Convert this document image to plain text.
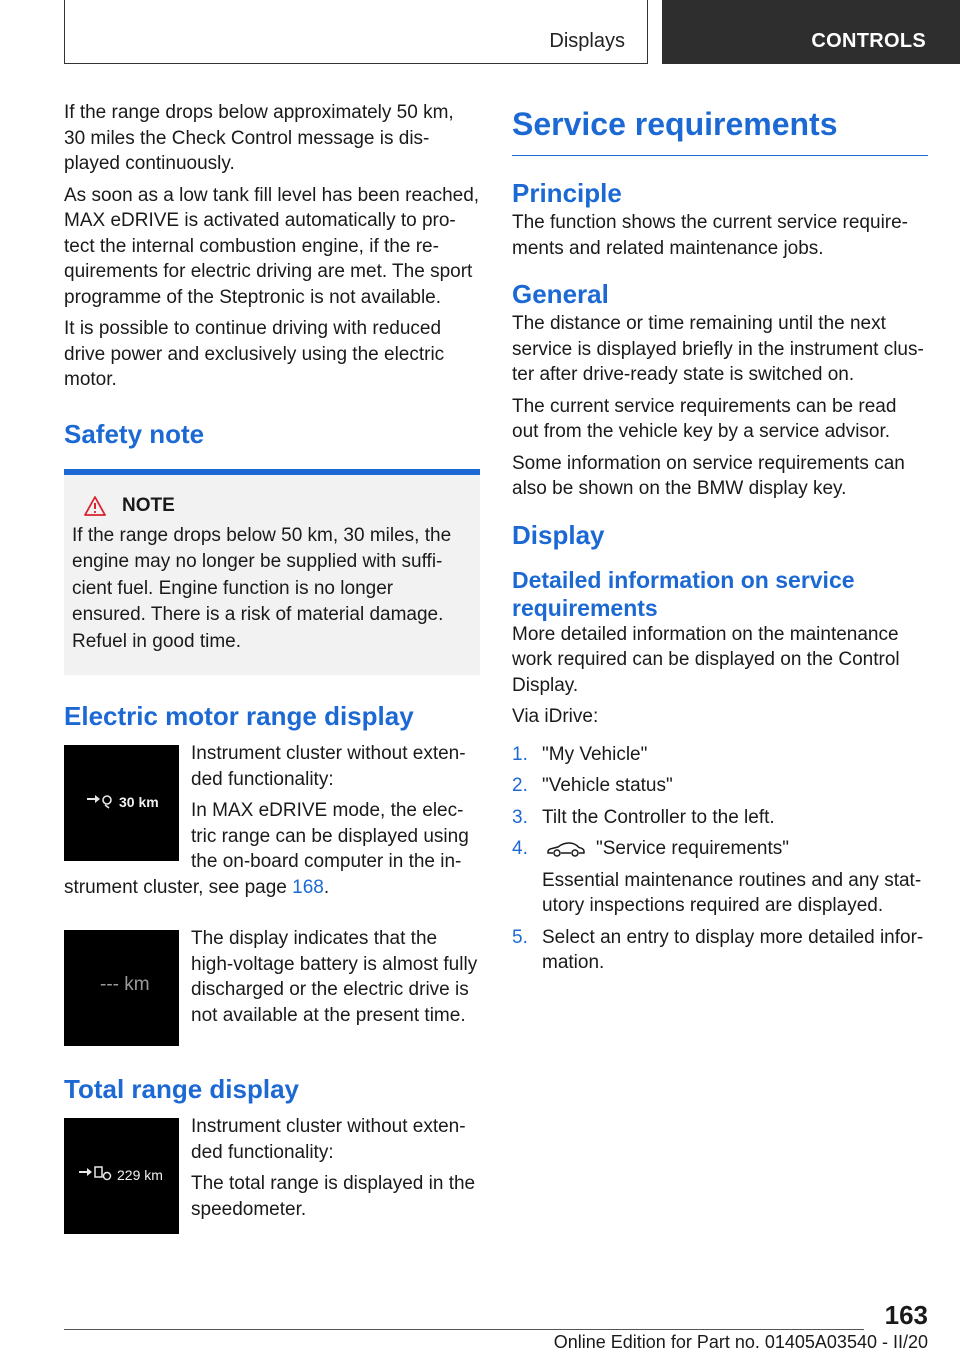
Displays	CONTROLS

If the range drops below approximately 50 km, 30 miles the Check Control message is dis-played continuously.

As soon as a low tank fill level has been reached, MAX eDRIVE is activated automatically to pro-tect the internal combustion engine, if the re-quirements for electric driving are met. The sport programme of the Steptronic is not available.

It is possible to continue driving with reduced drive power and exclusively using the electric motor.

Safety note
NOTE

If the range drops below 50 km, 30 miles, the engine may no longer be supplied with suffi-cient fuel. Engine function is no longer ensured. There is a risk of material damage. Refuel in good time.

Electric motor range display
30 km

Instrument cluster without exten-ded functionality:

In MAX eDRIVE mode, the elec-tric range can be displayed using the on-board computer in the in-strument cluster, see page 168.

--- km

The display indicates that the high-voltage battery is almost fully discharged or the electric drive is not available at the present time.

Total range display
229 km

Instrument cluster without exten-ded functionality:

The total range is displayed in the speedometer.

Service requirements
Principle

The function shows the current service require-ments and related maintenance jobs.

General

The distance or time remaining until the next service is displayed briefly in the instrument clus-ter after drive-ready state is switched on.

The current service requirements can be read out from the vehicle key by a service advisor.

Some information on service requirements can also be shown on the BMW display key.

Display
Detailed information on service requirements

More detailed information on the maintenance work required can be displayed on the Control Display.

Via iDrive:

1. "My Vehicle"
2. "Vehicle status"
3. Tilt the Controller to the left.
4.	"Service requirements"
Essential maintenance routines and any stat-utory inspections required are displayed.
5. Select an entry to display more detailed infor-mation.
163
Online Edition for Part no. 01405A03540 - II/20
